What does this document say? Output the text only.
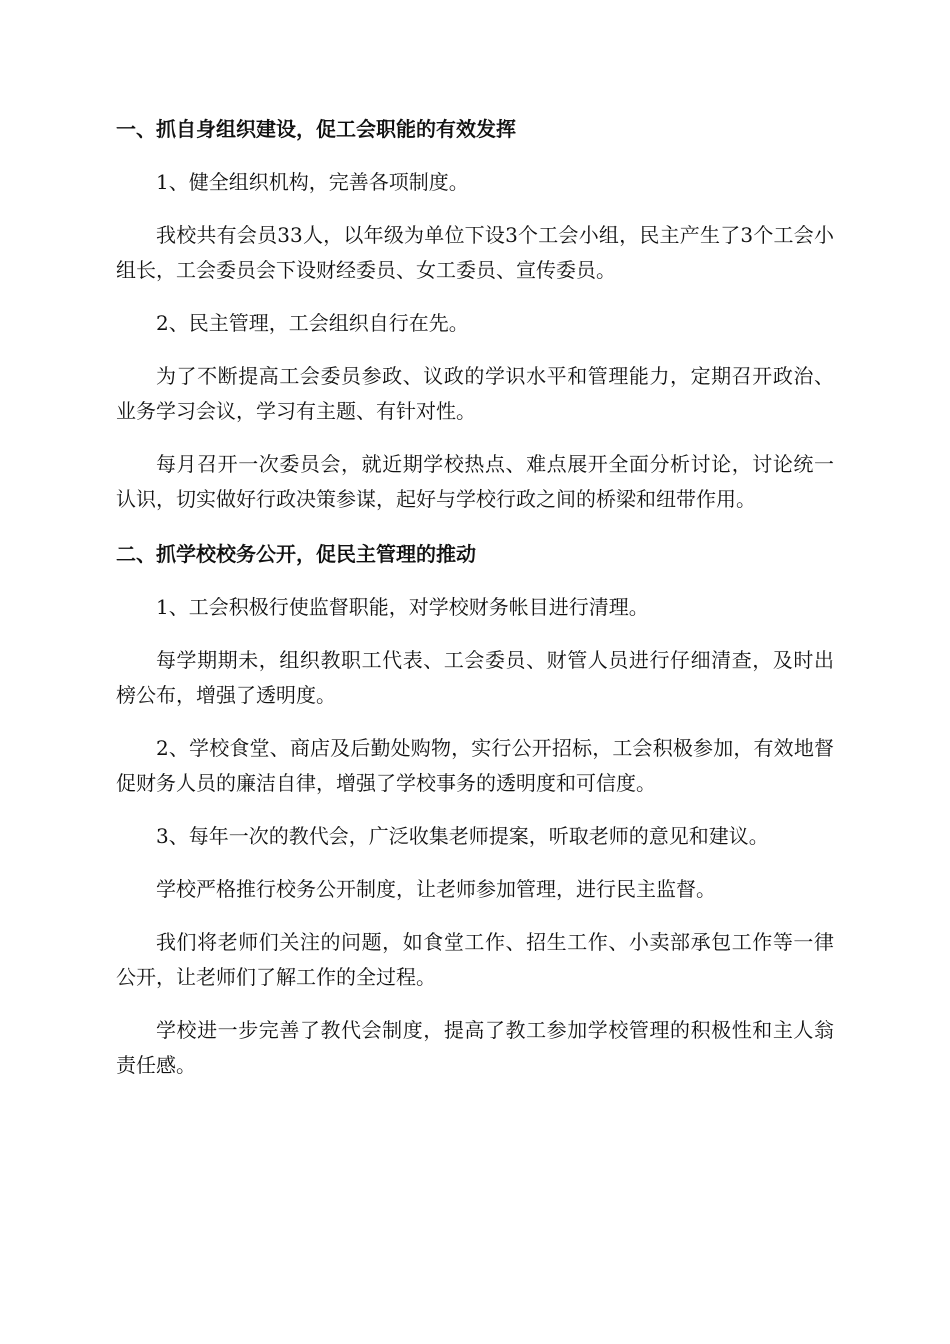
一、抓自身组织建设，促工会职能的有效发挥

1、健全组织机构，完善各项制度。

我校共有会员33人，以年级为单位下设3个工会小组，民主产生了3个工会小组长，工会委员会下设财经委员、女工委员、宣传委员。

2、民主管理，工会组织自行在先。

为了不断提高工会委员参政、议政的学识水平和管理能力，定期召开政治、业务学习会议，学习有主题、有针对性。

每月召开一次委员会，就近期学校热点、难点展开全面分析讨论，讨论统一认识，切实做好行政决策参谋，起好与学校行政之间的桥梁和纽带作用。

二、抓学校校务公开，促民主管理的推动

1、工会积极行使监督职能，对学校财务帐目进行清理。

每学期期未，组织教职工代表、工会委员、财管人员进行仔细清查，及时出榜公布，增强了透明度。

2、学校食堂、商店及后勤处购物，实行公开招标，工会积极参加，有效地督促财务人员的廉洁自律，增强了学校事务的透明度和可信度。

3、每年一次的教代会，广泛收集老师提案，听取老师的意见和建议。

学校严格推行校务公开制度，让老师参加管理，进行民主监督。

我们将老师们关注的问题，如食堂工作、招生工作、小卖部承包工作等一律公开，让老师们了解工作的全过程。

学校进一步完善了教代会制度，提高了教工参加学校管理的积极性和主人翁责任感。
